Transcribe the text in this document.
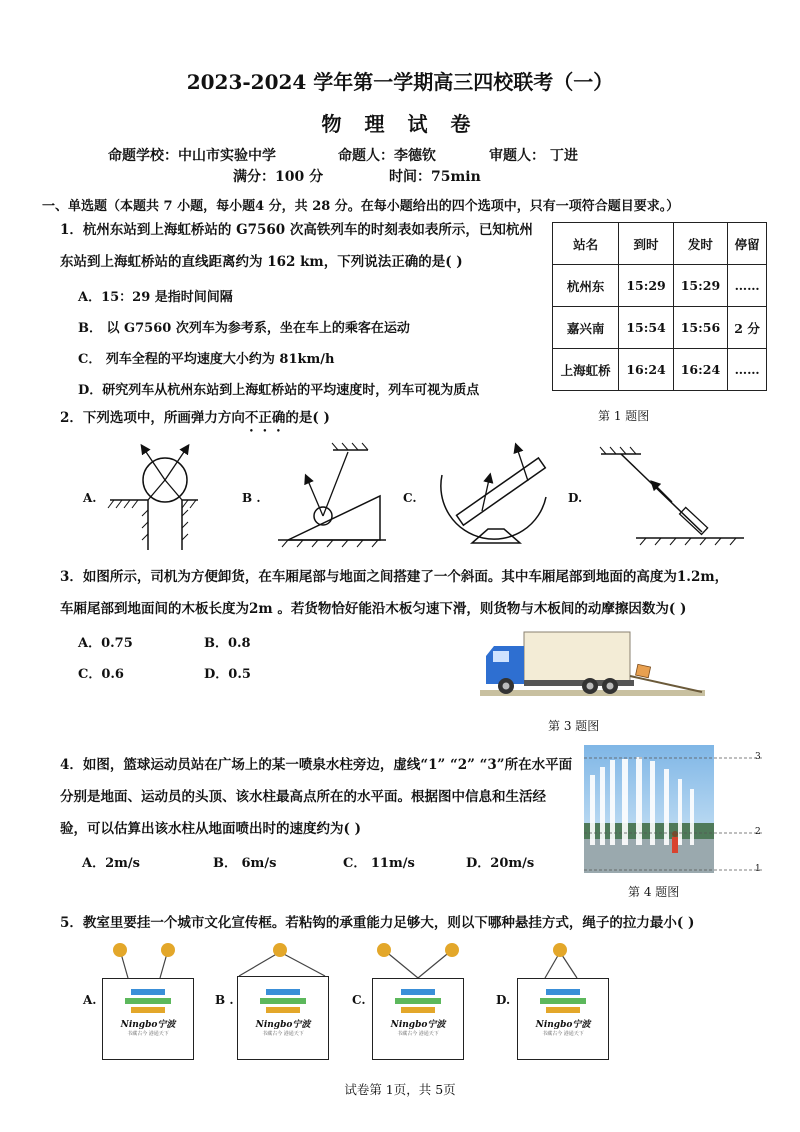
2023-2024 学年第一学期高三四校联考（一）
物 理 试 卷
命题学校：中山市实验中学	命题人：李德钦	审题人： 丁进
满分：100 分	时间：75min
一、单选题（本题共 7 小题，每小题4 分，共 28 分。在每小题给出的四个选项中，只有一项符合题目要求。）
1．杭州东站到上海虹桥站的 G7560 次高铁列车的时刻表如表所示，已知杭州
东站到上海虹桥站的直线距离约为 162 km，下列说法正确的是( )
A．15：29 是指时间间隔
B． 以 G7560 次列车为参考系，坐在车上的乘客在运动
C． 列车全程的平均速度大小约为 81km/h
D．研究列车从杭州东站到上海虹桥站的平均速度时，列车可视为质点
站名	到时	发时	停留
杭州东	15:29	15:29	……
嘉兴南	15:54	15:56	2 分
上海虹桥	16:24	16:24	……
第 1 题图
2．下列选项中，所画弹力方向不正确的是( )
A.	B .	C.	D.
3．如图所示，司机为方便卸货，在车厢尾部与地面之间搭建了一个斜面。其中车厢尾部到地面的高度为1.2m，
车厢尾部到地面间的木板长度为2m 。若货物恰好能沿木板匀速下滑，则货物与木板间的动摩擦因数为( )
A．0.75	B．0.8
C．0.6	D．0.5
第 3 题图
4．如图，篮球运动员站在广场上的某一喷泉水柱旁边，虚线“1” “2” “3”所在水平面
分别是地面、运动员的头顶、该水柱最高点所在的水平面。根据图中信息和生活经
验，可以估算出该水柱从地面喷出时的速度约为( )
A．2m/s	B． 6m/s	C． 11m/s	D．20m/s
3
2
1
第 4 题图
5．教室里要挂一个城市文化宣传框。若粘钩的承重能力足够大，则以下哪种悬挂方式，绳子的拉力最小( )
A.	B .	C.	D.
Ningbo宁波
书藏古今 港通天下
Ningbo宁波
书藏古今 港通天下
Ningbo宁波
书藏古今 港通天下
Ningbo宁波
书藏古今 港通天下
试卷第 1页，共 5页
